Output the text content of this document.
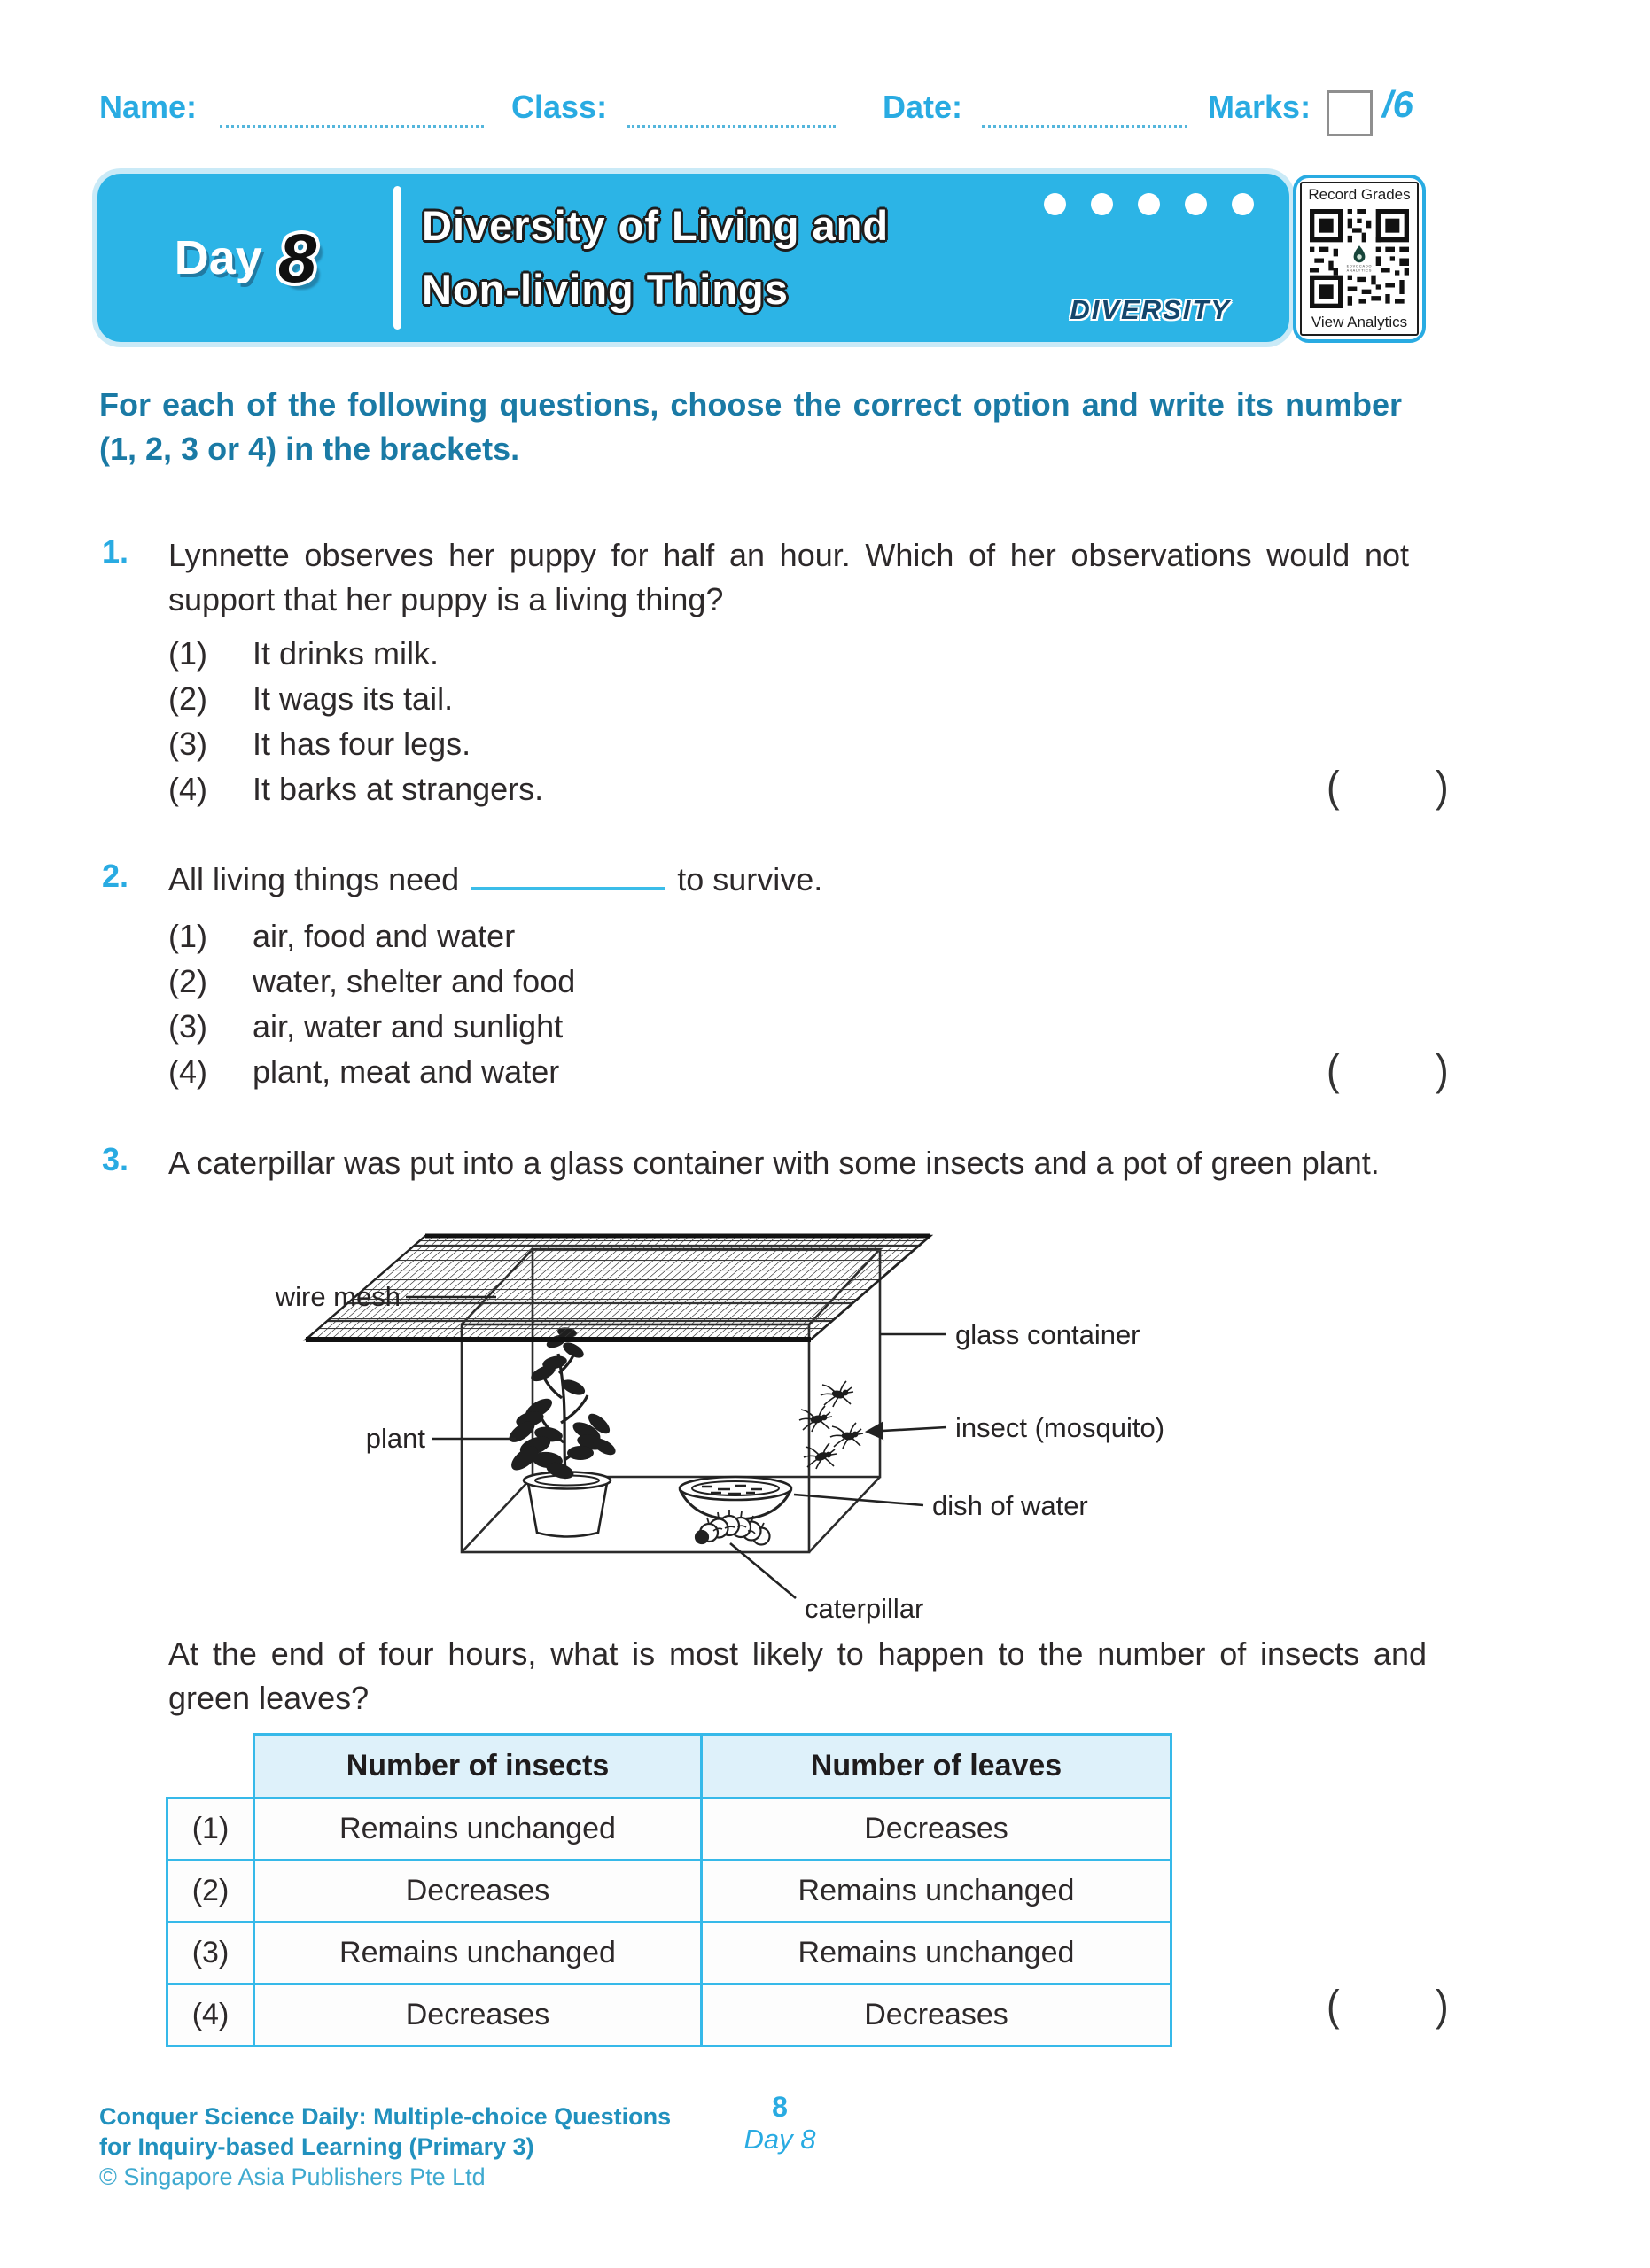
Name:	Class:	Date:	Marks: /6
Day 8	Diversity of Living and
Non-living Things	DIVERSITY
Record Grades
EDVOCADO
ANALYTICS
View Analytics
For each of the following questions, choose the correct option and write its number (1, 2, 3 or 4) in the brackets.
1. Lynnette observes her puppy for half an hour. Which of her observations would not support that her puppy is a living thing?
(1)	It drinks milk.
(2)	It wags its tail.
(3)	It has four legs.
(4)	It barks at strangers.	( )
2. All living things need	to survive.
(1)	air, food and water
(2)	water, shelter and food
(3)	air, water and sunlight
(4)	plant, meat and water	( )
3. A caterpillar was put into a glass container with some insects and a pot of green plant.
wire mesh
glass container
insect (mosquito)
dish of water
plant
caterpillar
At the end of four hours, what is most likely to happen to the number of insects and green leaves?
	Number of insects	Number of leaves
(1)	Remains unchanged	Decreases
(2)	Decreases	Remains unchanged
(3)	Remains unchanged	Remains unchanged
(4)	Decreases	Decreases	( )
Conquer Science Daily: Multiple-choice Questions
for Inquiry-based Learning (Primary 3)
© Singapore Asia Publishers Pte Ltd
8
Day 8
